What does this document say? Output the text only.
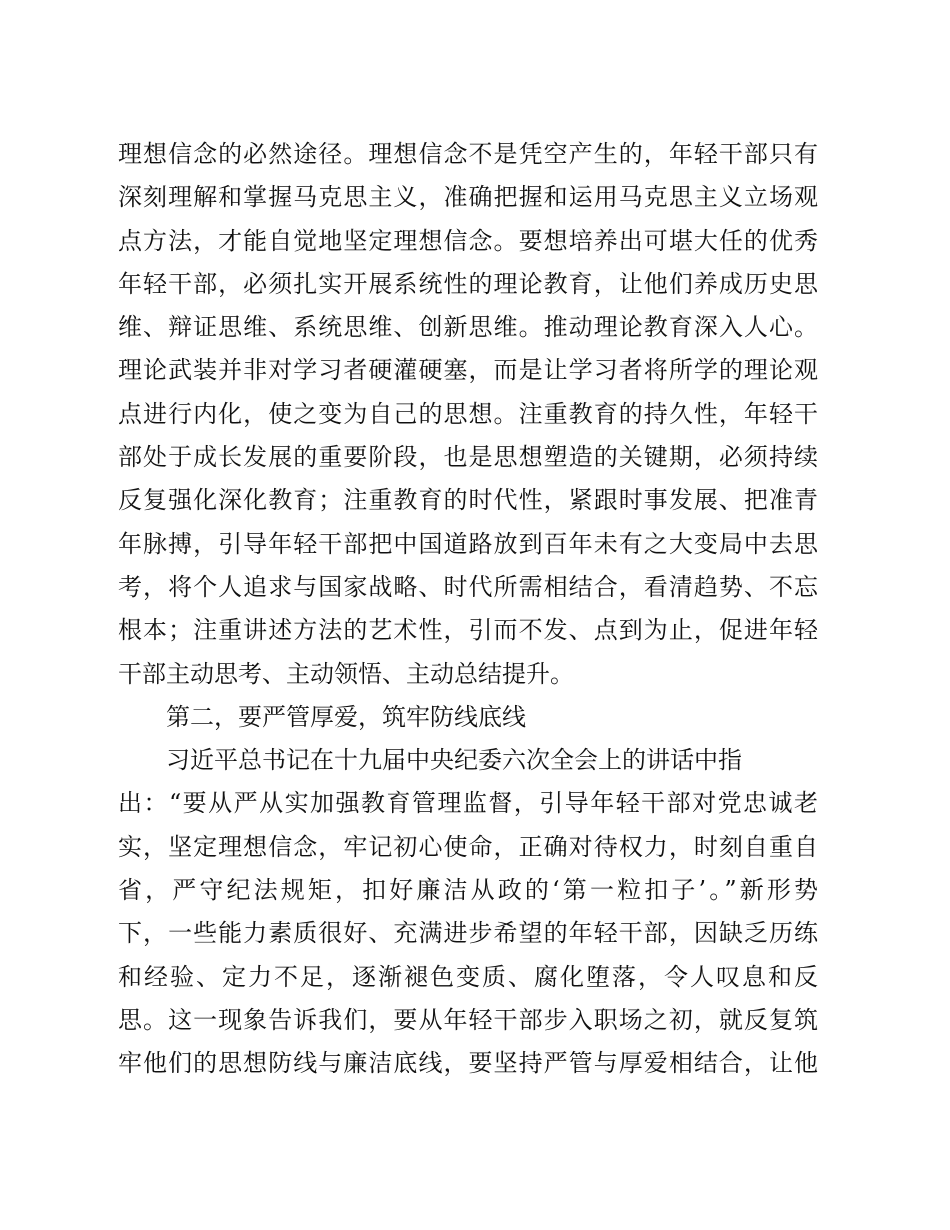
理想信念的必然途径。理想信念不是凭空产生的，年轻干部只有
深刻理解和掌握马克思主义，准确把握和运用马克思主义立场观
点方法，才能自觉地坚定理想信念。要想培养出可堪大任的优秀
年轻干部，必须扎实开展系统性的理论教育，让他们养成历史思
维、辩证思维、系统思维、创新思维。推动理论教育深入人心。
理论武装并非对学习者硬灌硬塞，而是让学习者将所学的理论观
点进行内化，使之变为自己的思想。注重教育的持久性，年轻干
部处于成长发展的重要阶段，也是思想塑造的关键期，必须持续
反复强化深化教育；注重教育的时代性，紧跟时事发展、把准青
年脉搏，引导年轻干部把中国道路放到百年未有之大变局中去思
考，将个人追求与国家战略、时代所需相结合，看清趋势、不忘
根本；注重讲述方法的艺术性，引而不发、点到为止，促进年轻
干部主动思考、主动领悟、主动总结提升。
第二，要严管厚爱，筑牢防线底线
习近平总书记在十九届中央纪委六次全会上的讲话中指
出：“要从严从实加强教育管理监督，引导年轻干部对党忠诚老
实，坚定理想信念，牢记初心使命，正确对待权力，时刻自重自
省，严守纪法规矩，扣好廉洁从政的‘第一粒扣子’。”新形势
下，一些能力素质很好、充满进步希望的年轻干部，因缺乏历练
和经验、定力不足，逐渐褪色变质、腐化堕落，令人叹息和反
思。这一现象告诉我们，要从年轻干部步入职场之初，就反复筑
牢他们的思想防线与廉洁底线，要坚持严管与厚爱相结合，让他
